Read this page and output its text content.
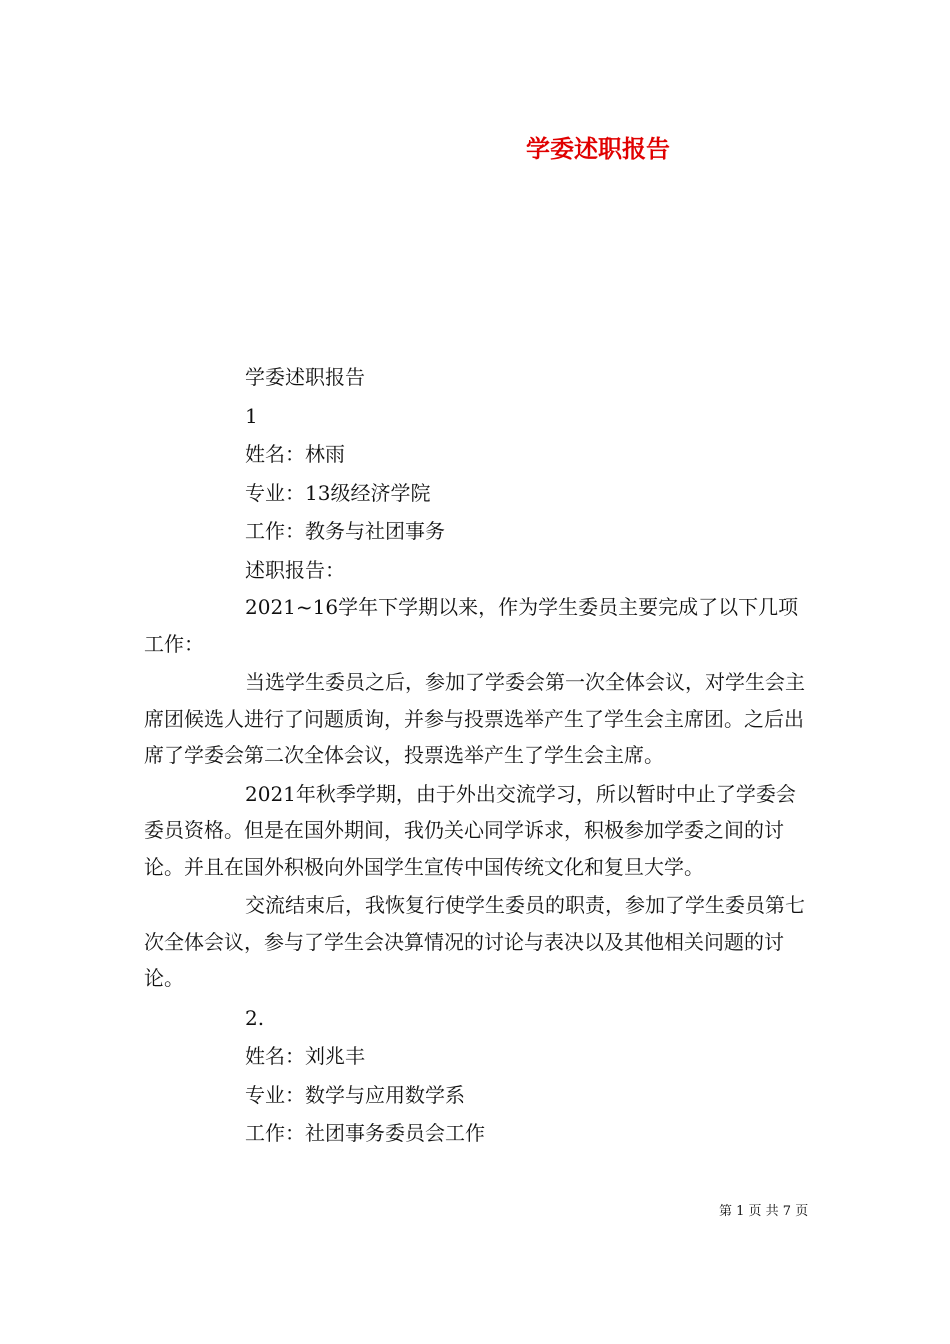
学委述职报告
学委述职报告
1
姓名：林雨
专业：13级经济学院
工作：教务与社团事务
述职报告：
2021~16学年下学期以来，作为学生委员主要完成了以下几项工作：
当选学生委员之后，参加了学委会第一次全体会议，对学生会主席团候选人进行了问题质询，并参与投票选举产生了学生会主席团。之后出席了学委会第二次全体会议，投票选举产生了学生会主席。
2021年秋季学期，由于外出交流学习，所以暂时中止了学委会委员资格。但是在国外期间，我仍关心同学诉求，积极参加学委之间的讨论。并且在国外积极向外国学生宣传中国传统文化和复旦大学。
交流结束后，我恢复行使学生委员的职责，参加了学生委员第七次全体会议，参与了学生会决算情况的讨论与表决以及其他相关问题的讨论。
2.
姓名：刘兆丰
专业：数学与应用数学系
工作：社团事务委员会工作
第 1 页 共 7 页
